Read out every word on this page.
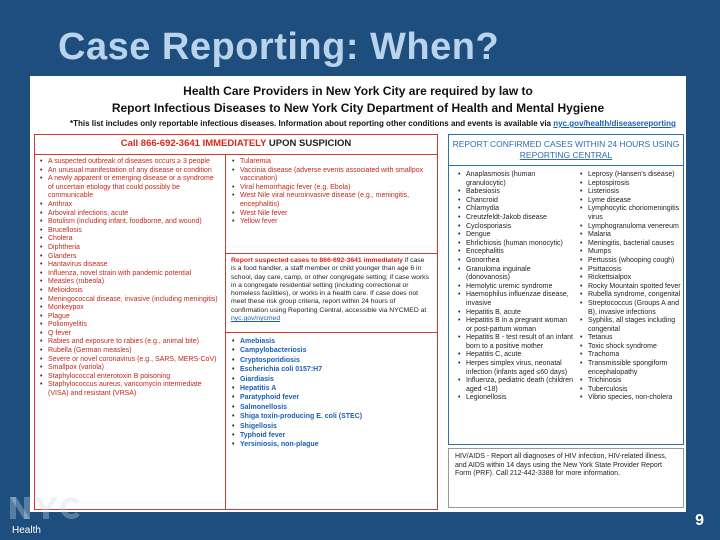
Case Reporting: When?
Health Care Providers in New York City are required by law to
Report Infectious Diseases to New York City Department of Health and Mental Hygiene
*This list includes only reportable infectious diseases. Information about reporting other conditions and events is available via nyc.gov/health/diseasereporting
Call 866-692-3641 IMMEDIATELY UPON SUSPICION
• A suspected outbreak of diseases occurs ≥ 3 people
• An unusual manifestation of any disease or condition
• A newly apparent or emerging disease or a syndrome of uncertain etiology that could possibly be communicable
• Anthrax
• Arboviral infections, acute
• Botulism (including infant, foodborne, and wound)
• Brucellosis
• Cholera
• Diphtheria
• Glanders
• Hantavirus disease
• Influenza, novel strain with pandemic potential
• Measles (rubeola)
• Melioidosis
• Meningococcal disease, invasive (including meningitis)
• Monkeypox
• Plague
• Poliomyelitis
• Q fever
• Rabies and exposure to rabies (e.g., animal bite)
• Rubella (German measles)
• Severe or novel coronavirus (e.g., SARS, MERS-CoV)
• Smallpox (variola)
• Staphylococcal enterotoxin B poisoning
• Staphylococcus aureus, vancomycin intermediate (VISA) and resistant (VRSA)
• Tularemia
• Vaccinia disease (adverse events associated with smallpox vaccination)
• Viral hemorrhagic fever (e.g. Ebola)
• West Nile viral neuroinvasive disease (e.g., meningitis, encephalitis)
• West Nile fever
• Yellow fever
Report suspected cases to 866-692-3641 immediately if case is a food handler, a staff member or child younger than age 6 in school, day care, camp, or other congregate setting; if case works in a congregate residential setting (including correctional or homeless facilities), or works in a health care. If case does not meet these risk group criteria, report within 24 hours of confirmation using Reporting Central, accessible via NYCMED at nyc.gov/nycmed
• Amebiasis
• Campylobacteriosis
• Cryptosporidiosis
• Escherichia coli 0157:H7
• Giardiasis
• Hepatitis A
• Paratyphoid fever
• Salmonellosis
• Shiga toxin-producing E. coli (STEC)
• Shigellosis
• Typhoid fever
• Yersiniosis, non-plague
REPORT CONFIRMED CASES WITHIN 24 HOURS USING
REPORTING CENTRAL
• Anaplasmosis (human granulocytic)
• Babesiosis
• Chancroid
• Chlamydia
• Creutzfeldt-Jakob disease
• Cyclosporiasis
• Dengue
• Ehrlichiosis (human monocytic)
• Encephalitis
• Gonorrhea
• Granuloma inguinale (donovanosis)
• Hemolytic uremic syndrome
• Haemophilus influenzae disease, invasive
• Hepatitis B, acute
• Hepatitis B in a pregnant woman or post-partum woman
• Hepatitis B - test result of an infant born to a positive mother
• Hepatitis C, acute
• Herpes simplex virus, neonatal infection (infants aged ≤60 days)
• Influenza, pediatric death (children aged <18)
• Legionellosis
• Leprosy (Hansen's disease)
• Leptospirosis
• Listeriosis
• Lyme disease
• Lymphocytic choriomeningitis virus
• Lymphogranuloma venereum
• Malaria
• Meningitis, bacterial causes
• Mumps
• Pertussis (whooping cough)
• Psittacosis
• Rickettsialpox
• Rocky Mountain spotted fever
• Rubella syndrome, congenital
• Streptococcus (Groups A and B), invasive infections
• Syphilis, all stages including congenital
• Tetanus
• Toxic shock syndrome
• Trachoma
• Transmissible spongiform encephalopathy
• Trichinosis
• Tuberculosis
• Vibrio species, non-cholera
HIV/AIDS - Report all diagnoses of HIV infection, HIV-related illness, and AIDS within 14 days using the New York State Provider Report Form (PRF). Call 212-442-3388 for more information.
Health
9
